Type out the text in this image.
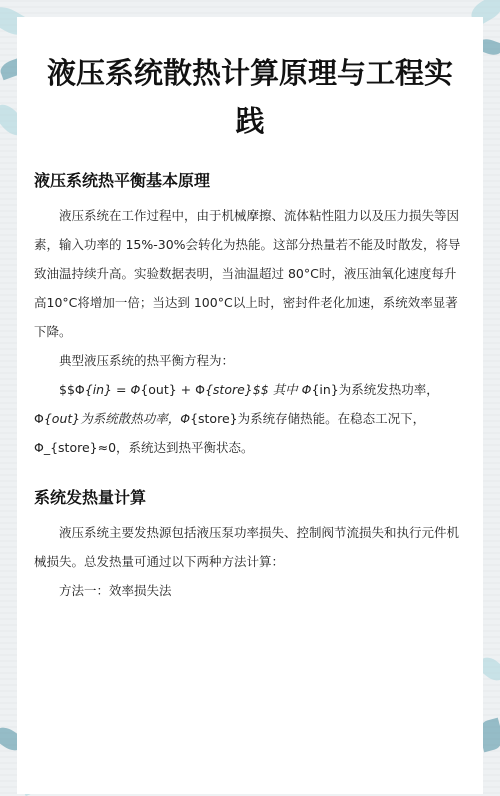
液压系统散热计算原理与工程实践
液压系统热平衡基本原理

液压系统在工作过程中，由于机械摩擦、流体粘性阻力以及压力损失等因素，输入功率的 15%-30%会转化为热能。这部分热量若不能及时散发，将导致油温持续升高。实验数据表明，当油温超过 80°C时，液压油氧化速度每升高10°C将增加一倍；当达到 100°C以上时，密封件老化加速，系统效率显著下降。

典型液压系统的热平衡方程为：

$$Φ{in} = Φ{out} + Φ{store}$$ 其中 Φ{in}为系统发热功率，Φ{out}为系统散热功率，Φ{store}为系统存储热能。在稳态工况下，Φ_{store}≈0，系统达到热平衡状态。

系统发热量计算

液压系统主要发热源包括液压泵功率损失、控制阀节流损失和执行元件机械损失。总发热量可通过以下两种方法计算：

方法一：效率损失法
